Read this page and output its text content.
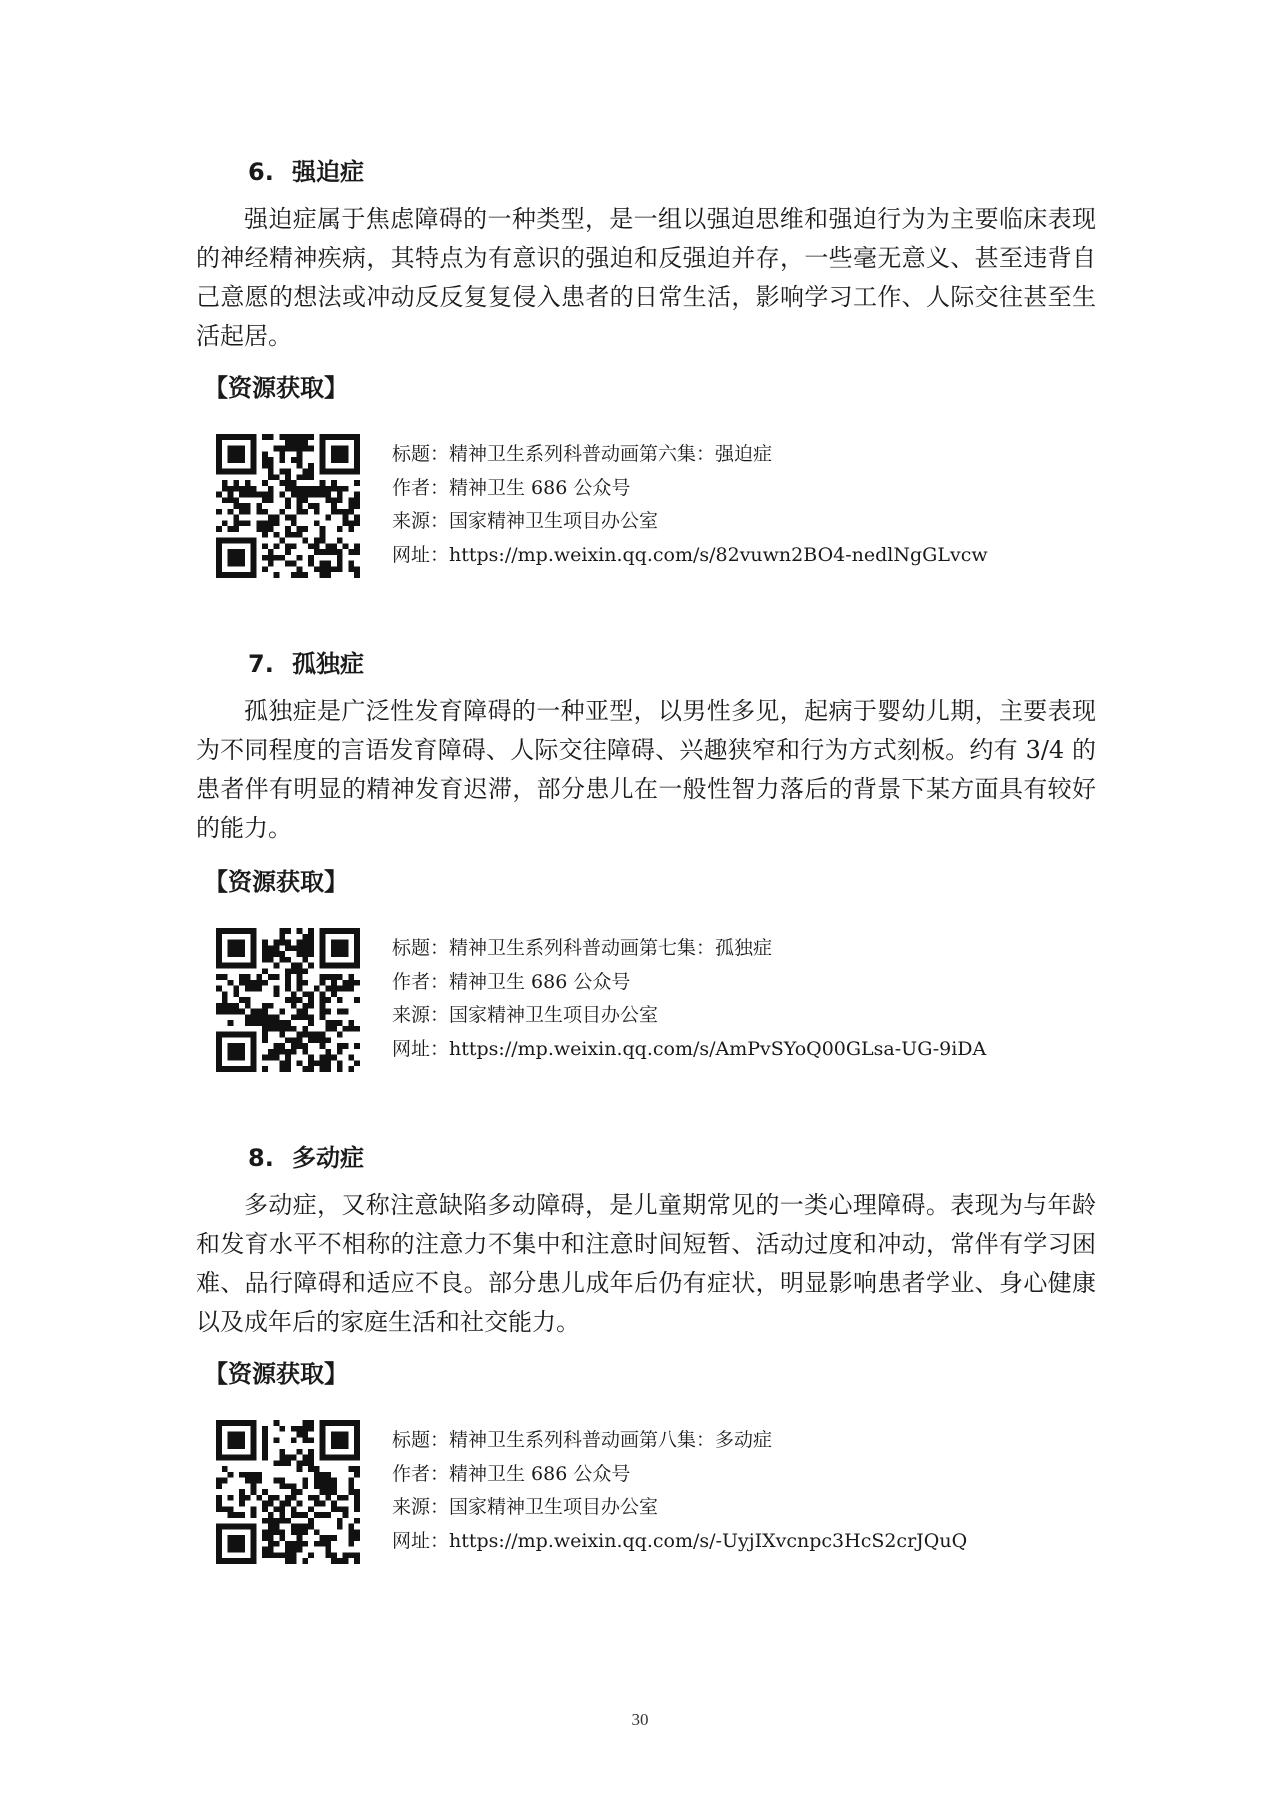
6. 强迫症

强迫症属于焦虑障碍的一种类型，是一组以强迫思维和强迫行为为主要临床表现的神经精神疾病，其特点为有意识的强迫和反强迫并存，一些毫无意义、甚至违背自己意愿的想法或冲动反反复复侵入患者的日常生活，影响学习工作、人际交往甚至生活起居。

【资源获取】
标题：精神卫生系列科普动画第六集：强迫症
作者：精神卫生 686 公众号
来源：国家精神卫生项目办公室
网址：https://mp.weixin.qq.com/s/82vuwn2BO4-nedlNgGLvcw
7. 孤独症

孤独症是广泛性发育障碍的一种亚型，以男性多见，起病于婴幼儿期，主要表现为不同程度的言语发育障碍、人际交往障碍、兴趣狭窄和行为方式刻板。约有 3/4 的患者伴有明显的精神发育迟滞，部分患儿在一般性智力落后的背景下某方面具有较好的能力。

【资源获取】
标题：精神卫生系列科普动画第七集：孤独症
作者：精神卫生 686 公众号
来源：国家精神卫生项目办公室
网址：https://mp.weixin.qq.com/s/AmPvSYoQ00GLsa-UG-9iDA
8. 多动症

多动症，又称注意缺陷多动障碍，是儿童期常见的一类心理障碍。表现为与年龄和发育水平不相称的注意力不集中和注意时间短暂、活动过度和冲动，常伴有学习困难、品行障碍和适应不良。部分患儿成年后仍有症状，明显影响患者学业、身心健康以及成年后的家庭生活和社交能力。

【资源获取】
标题：精神卫生系列科普动画第八集：多动症
作者：精神卫生 686 公众号
来源：国家精神卫生项目办公室
网址：https://mp.weixin.qq.com/s/-UyjIXvcnpc3HcS2crJQuQ
30
